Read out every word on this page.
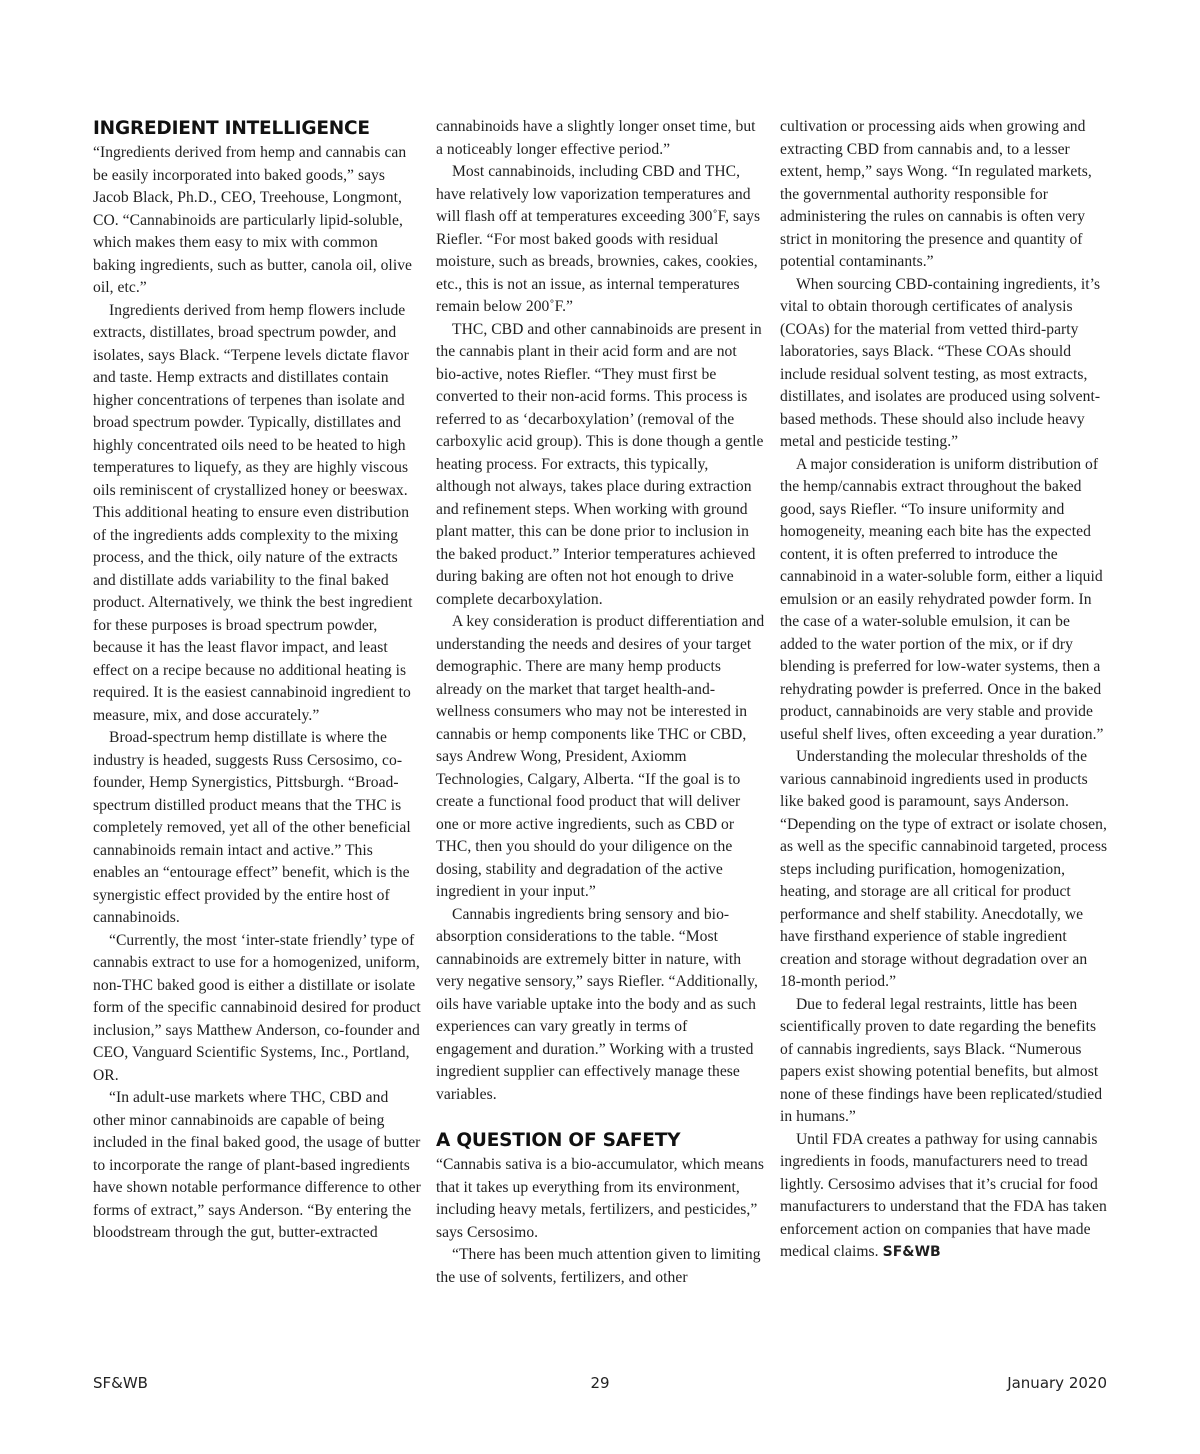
INGREDIENT INTELLIGENCE

“Ingredients derived from hemp and cannabis can be easily incorporated into baked goods,” says Jacob Black, Ph.D., CEO, Treehouse, Longmont, CO. “Cannabinoids are particularly lipid-soluble, which makes them easy to mix with common baking ingredients, such as butter, canola oil, olive oil, etc.”

Ingredients derived from hemp flowers include extracts, distillates, broad spectrum powder, and isolates, says Black. “Terpene levels dictate flavor and taste. Hemp extracts and distillates contain higher concentrations of terpenes than isolate and broad spectrum powder. Typically, distillates and highly concentrated oils need to be heated to high temperatures to liquefy, as they are highly viscous oils reminiscent of crystallized honey or beeswax. This additional heating to ensure even distribution of the ingredients adds complexity to the mixing process, and the thick, oily nature of the extracts and distillate adds variability to the final baked product. Alternatively, we think the best ingredient for these purposes is broad spectrum powder, because it has the least flavor impact, and least effect on a recipe because no additional heating is required. It is the easiest cannabinoid ingredient to measure, mix, and dose accurately.”

Broad-spectrum hemp distillate is where the industry is headed, suggests Russ Cersosimo, co-founder, Hemp Synergistics, Pittsburgh. “Broad-spectrum distilled product means that the THC is completely removed, yet all of the other beneficial cannabinoids remain intact and active.” This enables an “entourage effect” benefit, which is the synergistic effect provided by the entire host of cannabinoids.

“Currently, the most ‘inter-state friendly’ type of cannabis extract to use for a homogenized, uniform, non-THC baked good is either a distillate or isolate form of the specific cannabinoid desired for product inclusion,” says Matthew Anderson, co-founder and CEO, Vanguard Scientific Systems, Inc., Portland, OR.

“In adult-use markets where THC, CBD and other minor cannabinoids are capable of being included in the final baked good, the usage of butter to incorporate the range of plant-based ingredients have shown notable performance difference to other forms of extract,” says Anderson. “By entering the bloodstream through the gut, butter-extracted

cannabinoids have a slightly longer onset time, but a noticeably longer effective period.”

Most cannabinoids, including CBD and THC, have relatively low vaporization temperatures and will flash off at temperatures exceeding 300˚F, says Riefler. “For most baked goods with residual moisture, such as breads, brownies, cakes, cookies, etc., this is not an issue, as internal temperatures remain below 200˚F.”

THC, CBD and other cannabinoids are present in the cannabis plant in their acid form and are not bio-active, notes Riefler. “They must first be converted to their non-acid forms. This process is referred to as ‘decarboxylation’ (removal of the carboxylic acid group). This is done though a gentle heating process. For extracts, this typically, although not always, takes place during extraction and refinement steps. When working with ground plant matter, this can be done prior to inclusion in the baked product.” Interior temperatures achieved during baking are often not hot enough to drive complete decarboxylation.

A key consideration is product differentiation and understanding the needs and desires of your target demographic. There are many hemp products already on the market that target health-and-wellness consumers who may not be interested in cannabis or hemp components like THC or CBD, says Andrew Wong, President, Axiomm Technologies, Calgary, Alberta. “If the goal is to create a functional food product that will deliver one or more active ingredients, such as CBD or THC, then you should do your diligence on the dosing, stability and degradation of the active ingredient in your input.”

Cannabis ingredients bring sensory and bio-absorption considerations to the table. “Most cannabinoids are extremely bitter in nature, with very negative sensory,” says Riefler. “Additionally, oils have variable uptake into the body and as such experiences can vary greatly in terms of engagement and duration.” Working with a trusted ingredient supplier can effectively manage these variables.

A QUESTION OF SAFETY

“Cannabis sativa is a bio-accumulator, which means that it takes up everything from its environment, including heavy metals, fertilizers, and pesticides,” says Cersosimo.

“There has been much attention given to limiting the use of solvents, fertilizers, and other

cultivation or processing aids when growing and extracting CBD from cannabis and, to a lesser extent, hemp,” says Wong. “In regulated markets, the governmental authority responsible for administering the rules on cannabis is often very strict in monitoring the presence and quantity of potential contaminants.”

When sourcing CBD-containing ingredients, it’s vital to obtain thorough certificates of analysis (COAs) for the material from vetted third-party laboratories, says Black. “These COAs should include residual solvent testing, as most extracts, distillates, and isolates are produced using solvent-based methods. These should also include heavy metal and pesticide testing.”

A major consideration is uniform distribution of the hemp/cannabis extract throughout the baked good, says Riefler. “To insure uniformity and homogeneity, meaning each bite has the expected content, it is often preferred to introduce the cannabinoid in a water-soluble form, either a liquid emulsion or an easily rehydrated powder form. In the case of a water-soluble emulsion, it can be added to the water portion of the mix, or if dry blending is preferred for low-water systems, then a rehydrating powder is preferred. Once in the baked product, cannabinoids are very stable and provide useful shelf lives, often exceeding a year duration.”

Understanding the molecular thresholds of the various cannabinoid ingredients used in products like baked good is paramount, says Anderson. “Depending on the type of extract or isolate chosen, as well as the specific cannabinoid targeted, process steps including purification, homogenization, heating, and storage are all critical for product performance and shelf stability. Anecdotally, we have firsthand experience of stable ingredient creation and storage without degradation over an 18-month period.”

Due to federal legal restraints, little has been scientifically proven to date regarding the benefits of cannabis ingredients, says Black. “Numerous papers exist showing potential benefits, but almost none of these findings have been replicated/studied in humans.”

Until FDA creates a pathway for using cannabis ingredients in foods, manufacturers need to tread lightly. Cersosimo advises that it’s crucial for food manufacturers to understand that the FDA has taken enforcement action on companies that have made medical claims. SF&WB

SF&WB	29	January 2020
